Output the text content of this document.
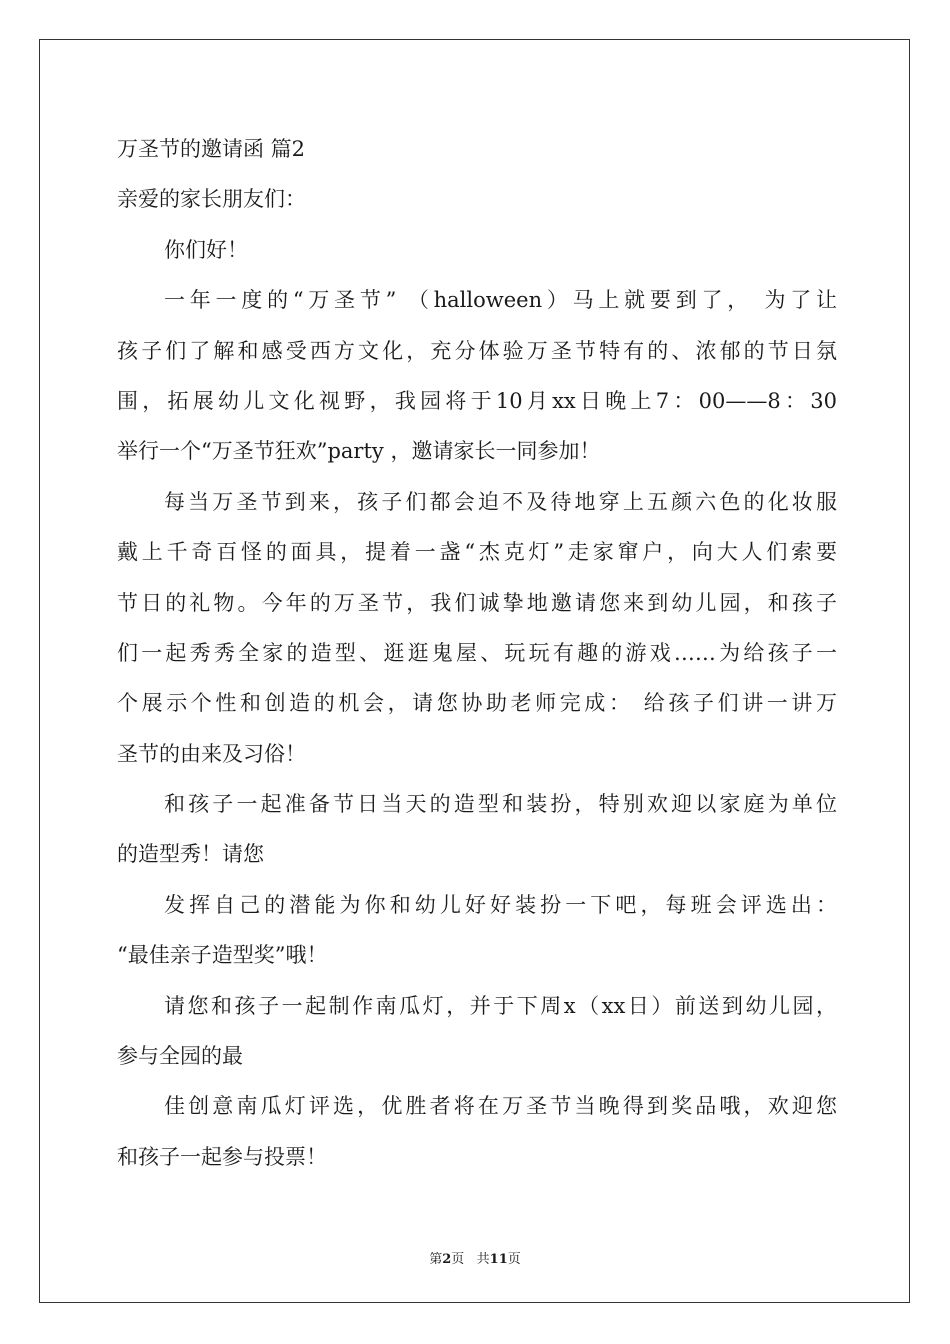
万圣节的邀请函 篇2
亲爱的家长朋友们：
你们好！
一年一度的“万圣节” （halloween）马上就要到了， 为了让
孩子们了解和感受西方文化，充分体验万圣节特有的、浓郁的节日氛
围，拓展幼儿文化视野，我园将于10月xx日晚上7：00——8：30
举行一个“万圣节狂欢”party ，邀请家长一同参加！
每当万圣节到来，孩子们都会迫不及待地穿上五颜六色的化妆服
戴上千奇百怪的面具，提着一盏“杰克灯”走家窜户，向大人们索要
节日的礼物。今年的万圣节，我们诚挚地邀请您来到幼儿园，和孩子
们一起秀秀全家的造型、逛逛鬼屋、玩玩有趣的游戏……为给孩子一
个展示个性和创造的机会，请您协助老师完成： 给孩子们讲一讲万
圣节的由来及习俗！
和孩子一起准备节日当天的造型和装扮，特别欢迎以家庭为单位
的造型秀！请您
发挥自己的潜能为你和幼儿好好装扮一下吧，每班会评选出：
“最佳亲子造型奖”哦！
请您和孩子一起制作南瓜灯，并于下周x（xx日）前送到幼儿园，
参与全园的最
佳创意南瓜灯评选，优胜者将在万圣节当晚得到奖品哦，欢迎您
和孩子一起参与投票！
第2页   共11页
